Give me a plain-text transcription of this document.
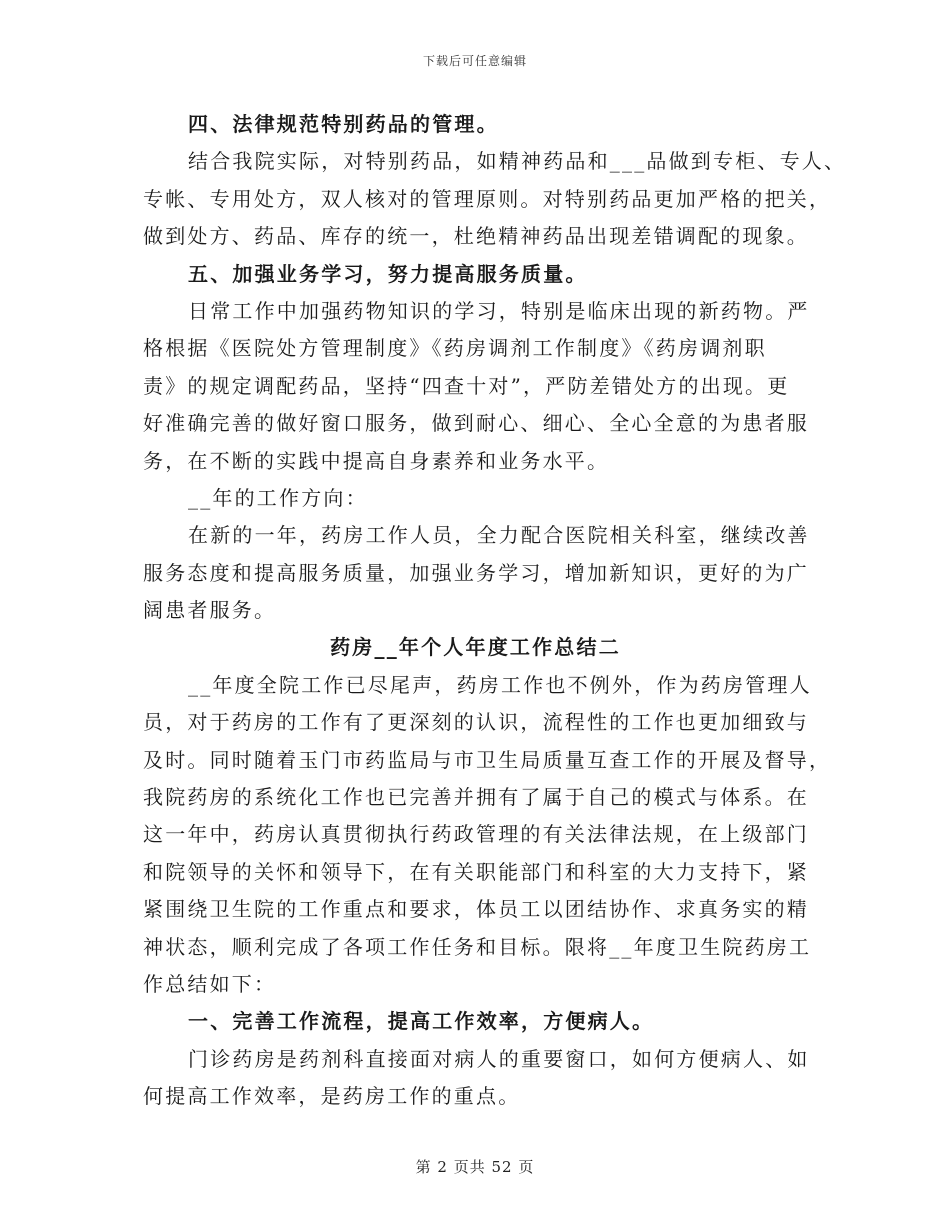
下载后可任意编辑
四、法律规范特别药品的管理。
结合我院实际，对特别药品，如精神药品和___品做到专柜、专人、
专帐、专用处方，双人核对的管理原则。对特别药品更加严格的把关，
做到处方、药品、库存的统一，杜绝精神药品出现差错调配的现象。
五、加强业务学习，努力提高服务质量。
日常工作中加强药物知识的学习，特别是临床出现的新药物。严
格根据《医院处方管理制度》《药房调剂工作制度》《药房调剂职
责》的规定调配药品，坚持“四查十对”，严防差错处方的出现。更
好准确完善的做好窗口服务，做到耐心、细心、全心全意的为患者服
务，在不断的实践中提高自身素养和业务水平。
__年的工作方向：
在新的一年，药房工作人员，全力配合医院相关科室，继续改善
服务态度和提高服务质量，加强业务学习，增加新知识，更好的为广
阔患者服务。
药房__年个人年度工作总结二
__年度全院工作已尽尾声，药房工作也不例外，作为药房管理人
员，对于药房的工作有了更深刻的认识，流程性的工作也更加细致与
及时。同时随着玉门市药监局与市卫生局质量互查工作的开展及督导，
我院药房的系统化工作也已完善并拥有了属于自己的模式与体系。在
这一年中，药房认真贯彻执行药政管理的有关法律法规，在上级部门
和院领导的关怀和领导下，在有关职能部门和科室的大力支持下，紧
紧围绕卫生院的工作重点和要求，体员工以团结协作、求真务实的精
神状态，顺利完成了各项工作任务和目标。限将__年度卫生院药房工
作总结如下：
一、完善工作流程，提高工作效率，方便病人。
门诊药房是药剂科直接面对病人的重要窗口，如何方便病人、如
何提高工作效率，是药房工作的重点。
第 2 页共 52 页
